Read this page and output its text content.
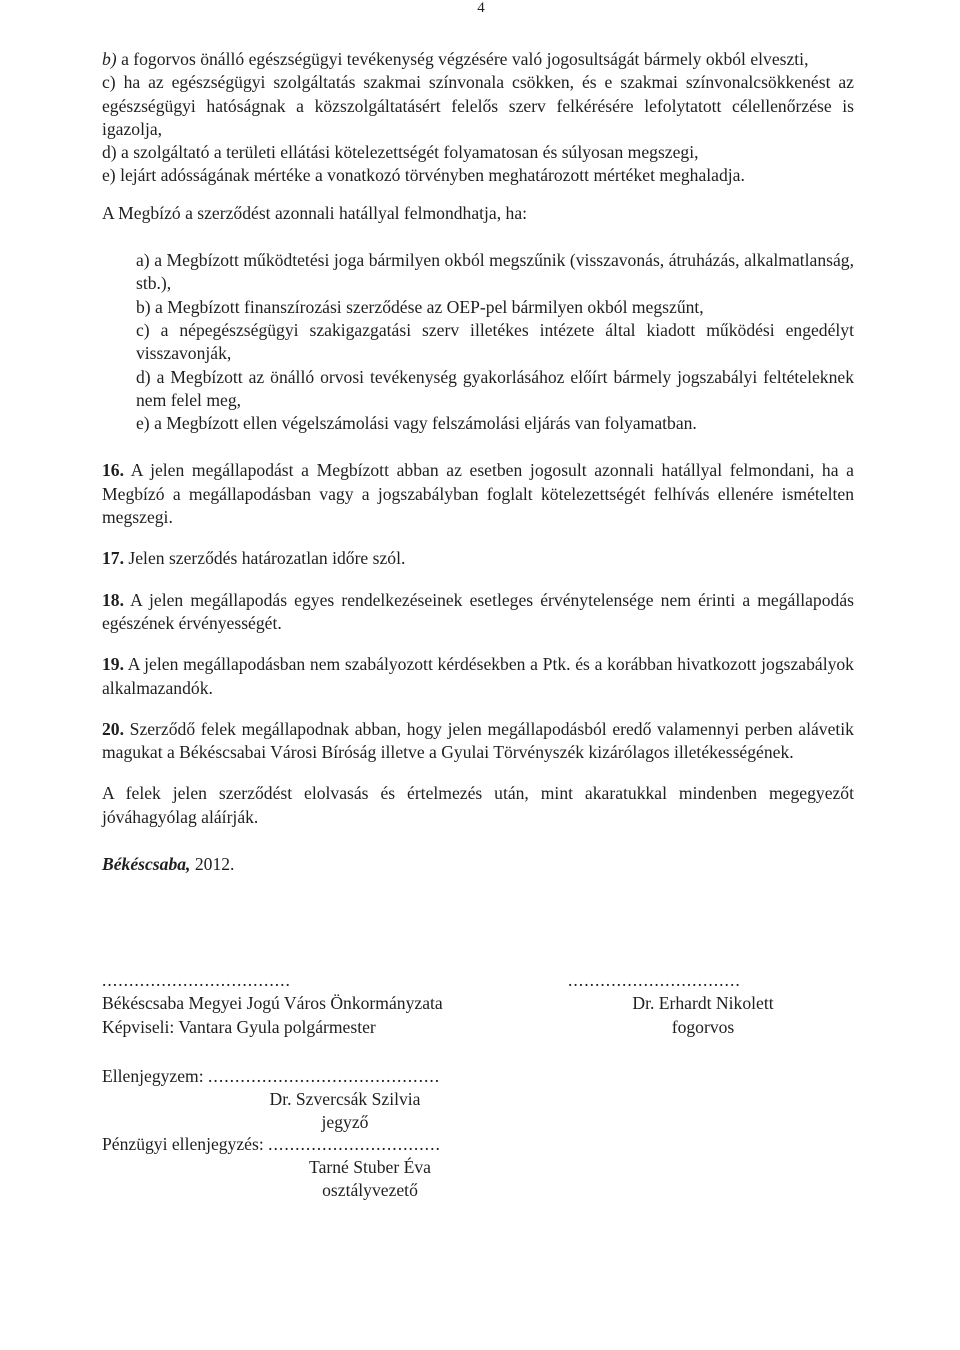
4

b) a fogorvos önálló egészségügyi tevékenység végzésére való jogosultságát bármely okból elveszti,

c) ha az egészségügyi szolgáltatás szakmai színvonala csökken, és e szakmai színvonalcsökkenést az egészségügyi hatóságnak a közszolgáltatásért felelős szerv felkérésére lefolytatott célellenőrzése is igazolja,

d) a szolgáltató a területi ellátási kötelezettségét folyamatosan és súlyosan megszegi,

e) lejárt adósságának mértéke a vonatkozó törvényben meghatározott mértéket meghaladja.

A Megbízó a szerződést azonnali hatállyal felmondhatja, ha:

a) a Megbízott működtetési joga bármilyen okból megszűnik (visszavonás, átruházás, alkalmatlanság, stb.),

b) a Megbízott finanszírozási szerződése az OEP-pel bármilyen okból megszűnt,

c) a népegészségügyi szakigazgatási szerv illetékes intézete által kiadott működési engedélyt visszavonják,

d) a Megbízott az önálló orvosi tevékenység gyakorlásához előírt bármely jogszabályi feltételeknek nem felel meg,

e) a Megbízott ellen végelszámolási vagy felszámolási eljárás van folyamatban.

16. A jelen megállapodást a Megbízott abban az esetben jogosult azonnali hatállyal felmondani, ha a Megbízó a megállapodásban vagy a jogszabályban foglalt kötelezettségét felhívás ellenére ismételten megszegi.

17. Jelen szerződés határozatlan időre szól.

18. A jelen megállapodás egyes rendelkezéseinek esetleges érvénytelensége nem érinti a megállapodás egészének érvényességét.

19. A jelen megállapodásban nem szabályozott kérdésekben a Ptk. és a korábban hivatkozott jogszabályok alkalmazandók.

20. Szerződő felek megállapodnak abban, hogy jelen megállapodásból eredő valamennyi perben alávetik magukat a Békéscsabai Városi Bíróság illetve a Gyulai Törvényszék kizárólagos illetékességének.

A felek jelen szerződést elolvasás és értelmezés után, mint akaratukkal mindenben megegyezőt jóváhagyólag aláírják.

Békéscsaba, 2012.

...................................
Békéscsaba Megyei Jogú Város Önkormányzata
Képviseli: Vantara Gyula polgármester
................................
Dr. Erhardt Nikolett
fogorvos
Ellenjegyzem: ...........................................
Dr. Szvercsák Szilvia
jegyző
Pénzügyi ellenjegyzés: ................................
Tarné Stuber Éva
osztályvezető
